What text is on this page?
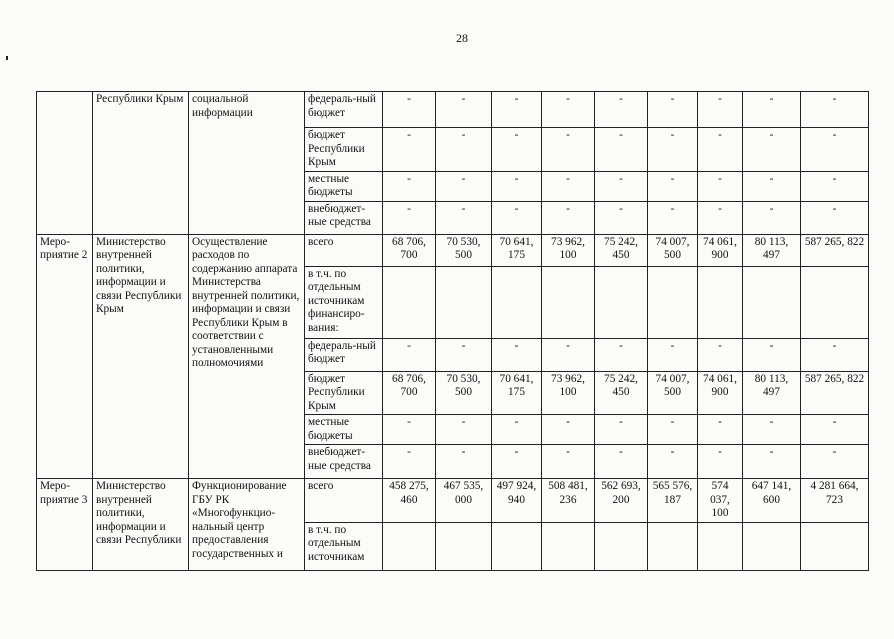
28
	Республики Крым	социальной информации	федераль-ный бюджет	-	-	-	-	-	-	-	-	-
			бюджет Республики Крым	-	-	-	-	-	-	-	-	-
			местные бюджеты	-	-	-	-	-	-	-	-	-
			внебюджет-ные средства	-	-	-	-	-	-	-	-	-
Меро-приятие 2	Министерство внутренней политики, информации и связи Республики Крым	Осуществление расходов по содержанию аппарата Министерства внутренней политики, информации и связи Республики Крым в соответствии с установленными полномочиями	всего	68 706, 700	70 530, 500	70 641, 175	73 962, 100	75 242, 450	74 007, 500	74 061, 900	80 113, 497	587 265, 822
			в т.ч. по отдельным источникам финансиро-вания:									
			федераль-ный бюджет	-	-	-	-	-	-	-	-	-
			бюджет Республики Крым	68 706, 700	70 530, 500	70 641, 175	73 962, 100	75 242, 450	74 007, 500	74 061, 900	80 113, 497	587 265, 822
			местные бюджеты	-	-	-	-	-	-	-	-	-
			внебюджет-ные средства	-	-	-	-	-	-	-	-	-
Меро-приятие 3	Министерство внутренней политики, информации и связи Республики	Функционирование ГБУ РК «Многофункцио-нальный центр предоставления государственных и	всего	458 275, 460	467 535, 000	497 924, 940	508 481, 236	562 693, 200	565 576, 187	574 037, 100	647 141, 600	4 281 664, 723
			в т.ч. по отдельным источникам									
